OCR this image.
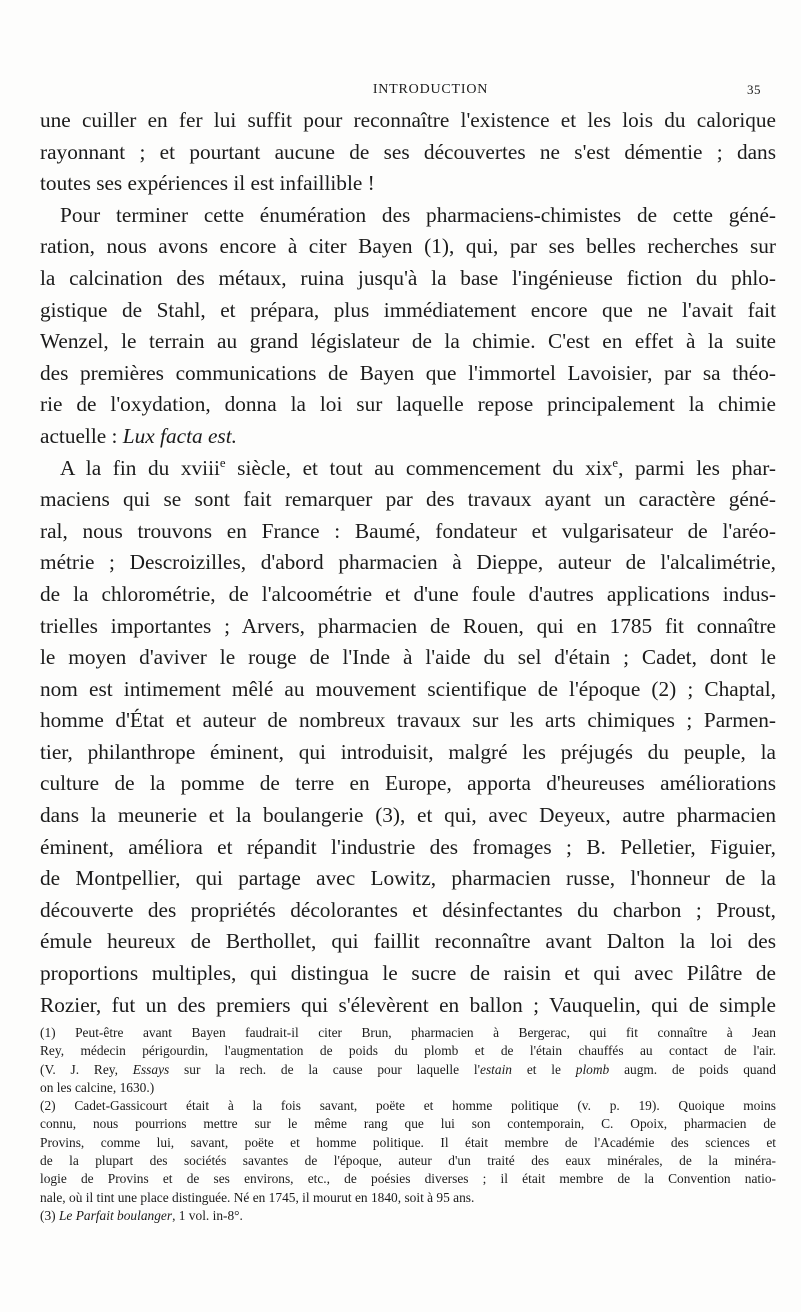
INTRODUCTION	35
une cuiller en fer lui suffit pour reconnaître l'existence et les lois du calorique
rayonnant ; et pourtant aucune de ses découvertes ne s'est démentie ; dans
toutes ses expériences il est infaillible !
Pour terminer cette énumération des pharmaciens-chimistes de cette géné-
ration, nous avons encore à citer Bayen (1), qui, par ses belles recherches sur
la calcination des métaux, ruina jusqu'à la base l'ingénieuse fiction du phlo-
gistique de Stahl, et prépara, plus immédiatement encore que ne l'avait fait
Wenzel, le terrain au grand législateur de la chimie. C'est en effet à la suite
des premières communications de Bayen que l'immortel Lavoisier, par sa théo-
rie de l'oxydation, donna la loi sur laquelle repose principalement la chimie
actuelle : Lux facta est.
A la fin du xviii$^e$ siècle, et tout au commencement du xix$^e$, parmi les phar-
maciens qui se sont fait remarquer par des travaux ayant un caractère géné-
ral, nous trouvons en France : Baumé, fondateur et vulgarisateur de l'aréo-
métrie ; Descroizilles, d'abord pharmacien à Dieppe, auteur de l'alcalimétrie,
de la chlorométrie, de l'alcoométrie et d'une foule d'autres applications indus-
trielles importantes ; Arvers, pharmacien de Rouen, qui en 1785 fit connaître
le moyen d'aviver le rouge de l'Inde à l'aide du sel d'étain ; Cadet, dont le
nom est intimement mêlé au mouvement scientifique de l'époque (2) ; Chaptal,
homme d'État et auteur de nombreux travaux sur les arts chimiques ; Parmen-
tier, philanthrope éminent, qui introduisit, malgré les préjugés du peuple, la
culture de la pomme de terre en Europe, apporta d'heureuses améliorations
dans la meunerie et la boulangerie (3), et qui, avec Deyeux, autre pharmacien
éminent, améliora et répandit l'industrie des fromages ; B. Pelletier, Figuier,
de Montpellier, qui partage avec Lowitz, pharmacien russe, l'honneur de la
découverte des propriétés décolorantes et désinfectantes du charbon ; Proust,
émule heureux de Berthollet, qui faillit reconnaître avant Dalton la loi des
proportions multiples, qui distingua le sucre de raisin et qui avec Pilâtre de
Rozier, fut un des premiers qui s'élevèrent en ballon ; Vauquelin, qui de simple
(1) Peut-être avant Bayen faudrait-il citer Brun, pharmacien à Bergerac, qui fit connaître à Jean
Rey, médecin périgourdin, l'augmentation de poids du plomb et de l'étain chauffés au contact de l'air.
(V. J. Rey, Essays sur la rech. de la cause pour laquelle l'estain et le plomb augm. de poids quand
on les calcine, 1630.)
(2) Cadet-Gassicourt était à la fois savant, poëte et homme politique (v. p. 19). Quoique moins
connu, nous pourrions mettre sur le même rang que lui son contemporain, C. Opoix, pharmacien de
Provins, comme lui, savant, poëte et homme politique. Il était membre de l'Académie des sciences et
de la plupart des sociétés savantes de l'époque, auteur d'un traité des eaux minérales, de la minéra-
logie de Provins et de ses environs, etc., de poésies diverses ; il était membre de la Convention natio-
nale, où il tint une place distinguée. Né en 1745, il mourut en 1840, soit à 95 ans.
(3) Le Parfait boulanger, 1 vol. in-8°.
